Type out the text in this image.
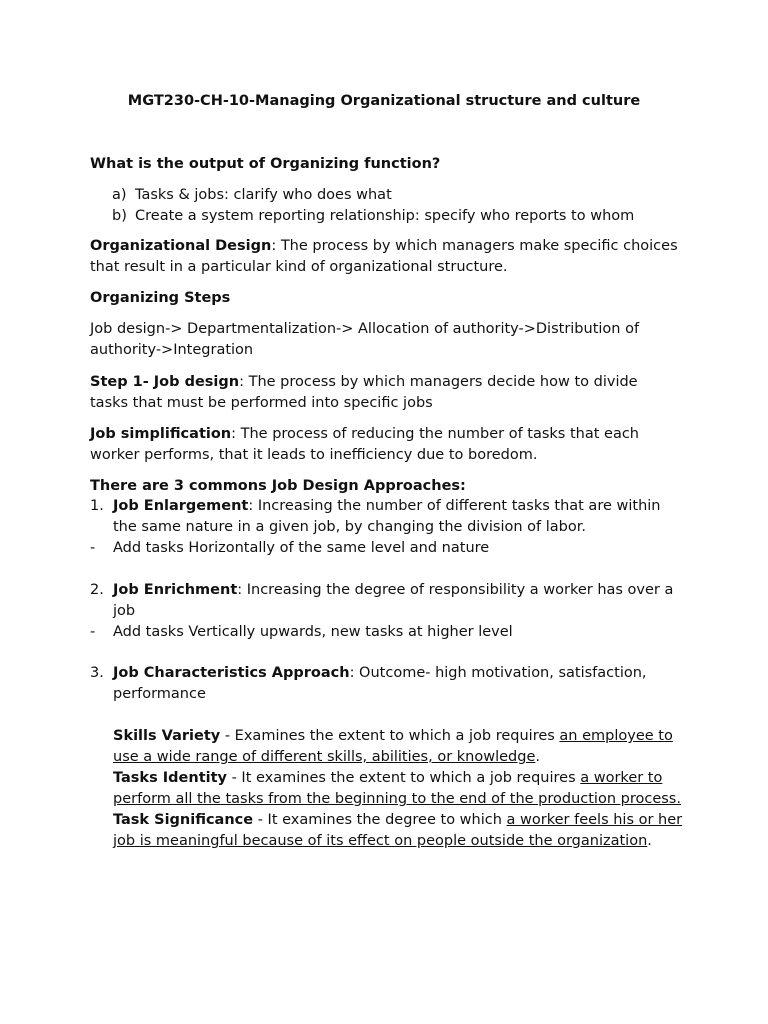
MGT230-CH-10-Managing Organizational structure and culture

What is the output of Organizing function?

a) Tasks & jobs: clarify who does what
b) Create a system reporting relationship: specify who reports to whom

Organizational Design: The process by which managers make specific choices that result in a particular kind of organizational structure.

Organizing Steps

Job design-> Departmentalization-> Allocation of authority->Distribution of authority->Integration

Step 1- Job design: The process by which managers decide how to divide tasks that must be performed into specific jobs

Job simplification: The process of reducing the number of tasks that each worker performs, that it leads to inefficiency due to boredom.

There are 3 commons Job Design Approaches:

1. Job Enlargement: Increasing the number of different tasks that are within the same nature in a given job, by changing the division of labor.

-	Add tasks Horizontally of the same level and nature
2. Job Enrichment: Increasing the degree of responsibility a worker has over a job

-	Add tasks Vertically upwards, new tasks at higher level
3. Job Characteristics Approach: Outcome- high motivation, satisfaction, performance

Skills Variety - Examines the extent to which a job requires an employee to use a wide range of different skills, abilities, or knowledge.

Tasks Identity - It examines the extent to which a job requires a worker to perform all the tasks from the beginning to the end of the production process.

Task Significance - It examines the degree to which a worker feels his or her job is meaningful because of its effect on people outside the organization.
